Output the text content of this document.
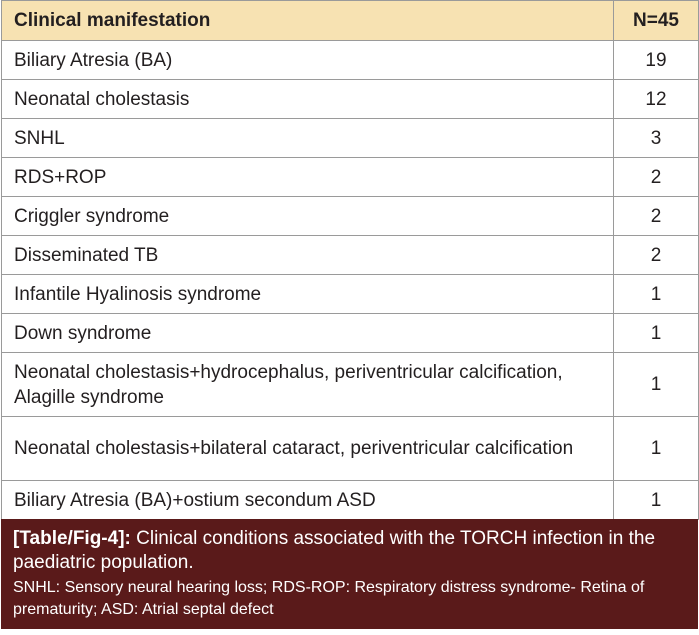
Clinical manifestation	N=45
Biliary Atresia (BA)	19
Neonatal cholestasis	12
SNHL	3
RDS+ROP	2
Criggler syndrome	2
Disseminated TB	2
Infantile Hyalinosis syndrome	1
Down syndrome	1
Neonatal cholestasis+hydrocephalus, periventricular calcification, Alagille syndrome	1
Neonatal cholestasis+bilateral cataract, periventricular calcification	1
Biliary Atresia (BA)+ostium secondum ASD	1
[Table/Fig-4]: Clinical conditions associated with the TORCH infection in the paediatric population.
SNHL: Sensory neural hearing loss; RDS-ROP: Respiratory distress syndrome- Retina of prematurity; ASD: Atrial septal defect
